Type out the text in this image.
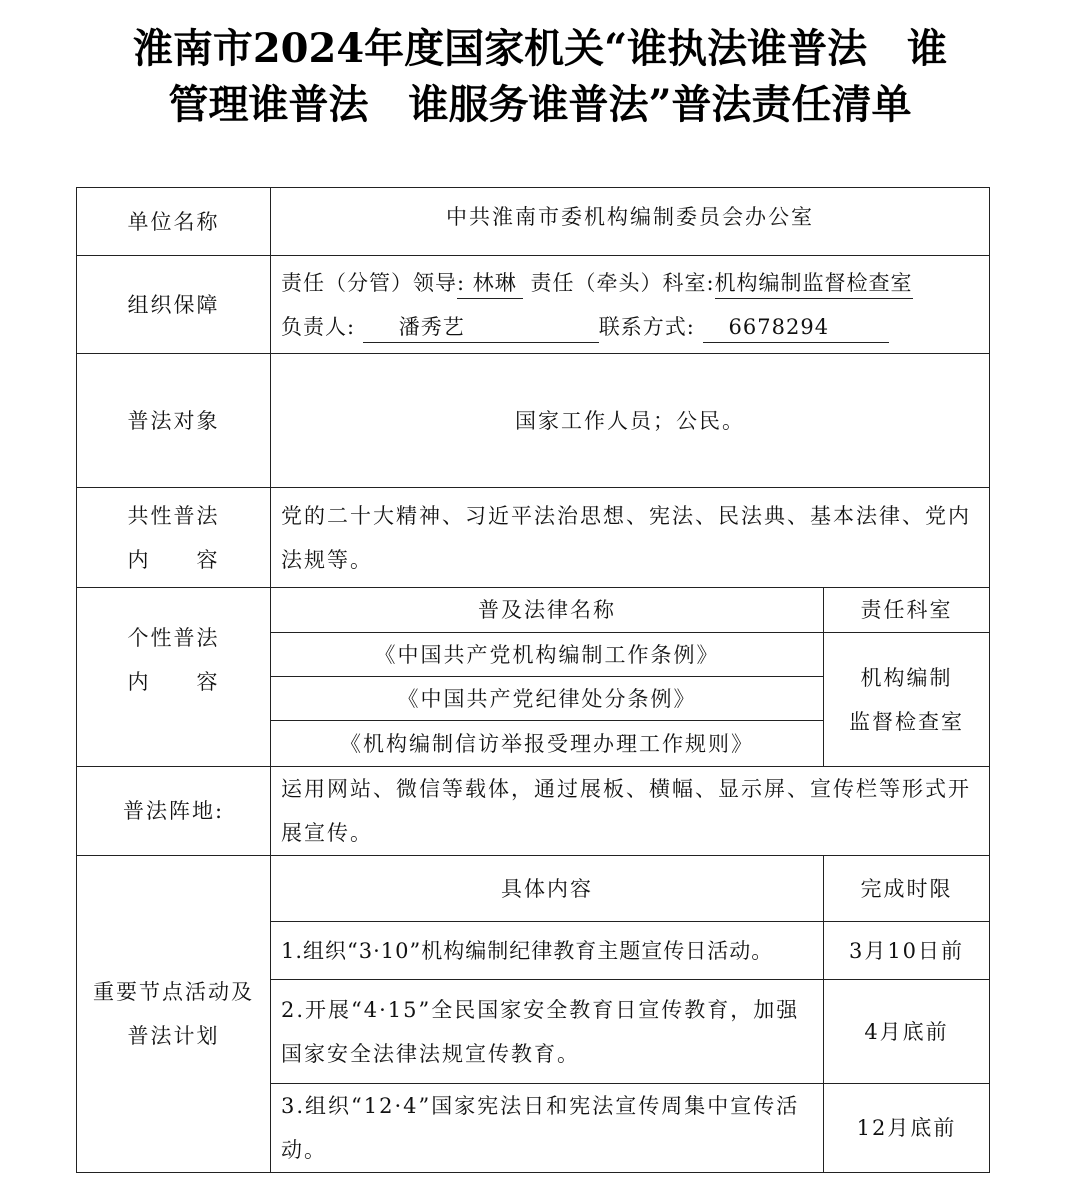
淮南市2024年度国家机关“谁执法谁普法　谁
管理谁普法　谁服务谁普法”普法责任清单
单位名称	中共淮南市委机构编制委员会办公室	
组织保障	责任（分管）领导: 林琳 责任（牵头）科室:机构编制监督检查室
负责人: 潘秀艺 联系方式: 6678294	

普法对象	国家工作人员；公民。	

共性普法
内　　容	党的二十大精神、习近平法治思想、宪法、民法典、基本法律、党内法规等。	

个性普法
内　　容	普及法律名称	责任科室
	《中国共产党机构编制工作条例》	机构编制
监督检查室

	《中国共产党纪律处分条例》	
	《机构编制信访举报受理办理工作规则》	
普法阵地:	运用网站、微信等载体，通过展板、横幅、显示屏、宣传栏等形式开展宣传。	

重要节点活动及
普法计划	具体内容	完成时限
	1.组织“3·10”机构编制纪律教育主题宣传日活动。	3月10日前
	2.开展“4·15”全民国家安全教育日宣传教育，加强国家安全法律法规宣传教育。	4月底前
	3.组织“12·4”国家宪法日和宪法宣传周集中宣传活动。	12月底前
